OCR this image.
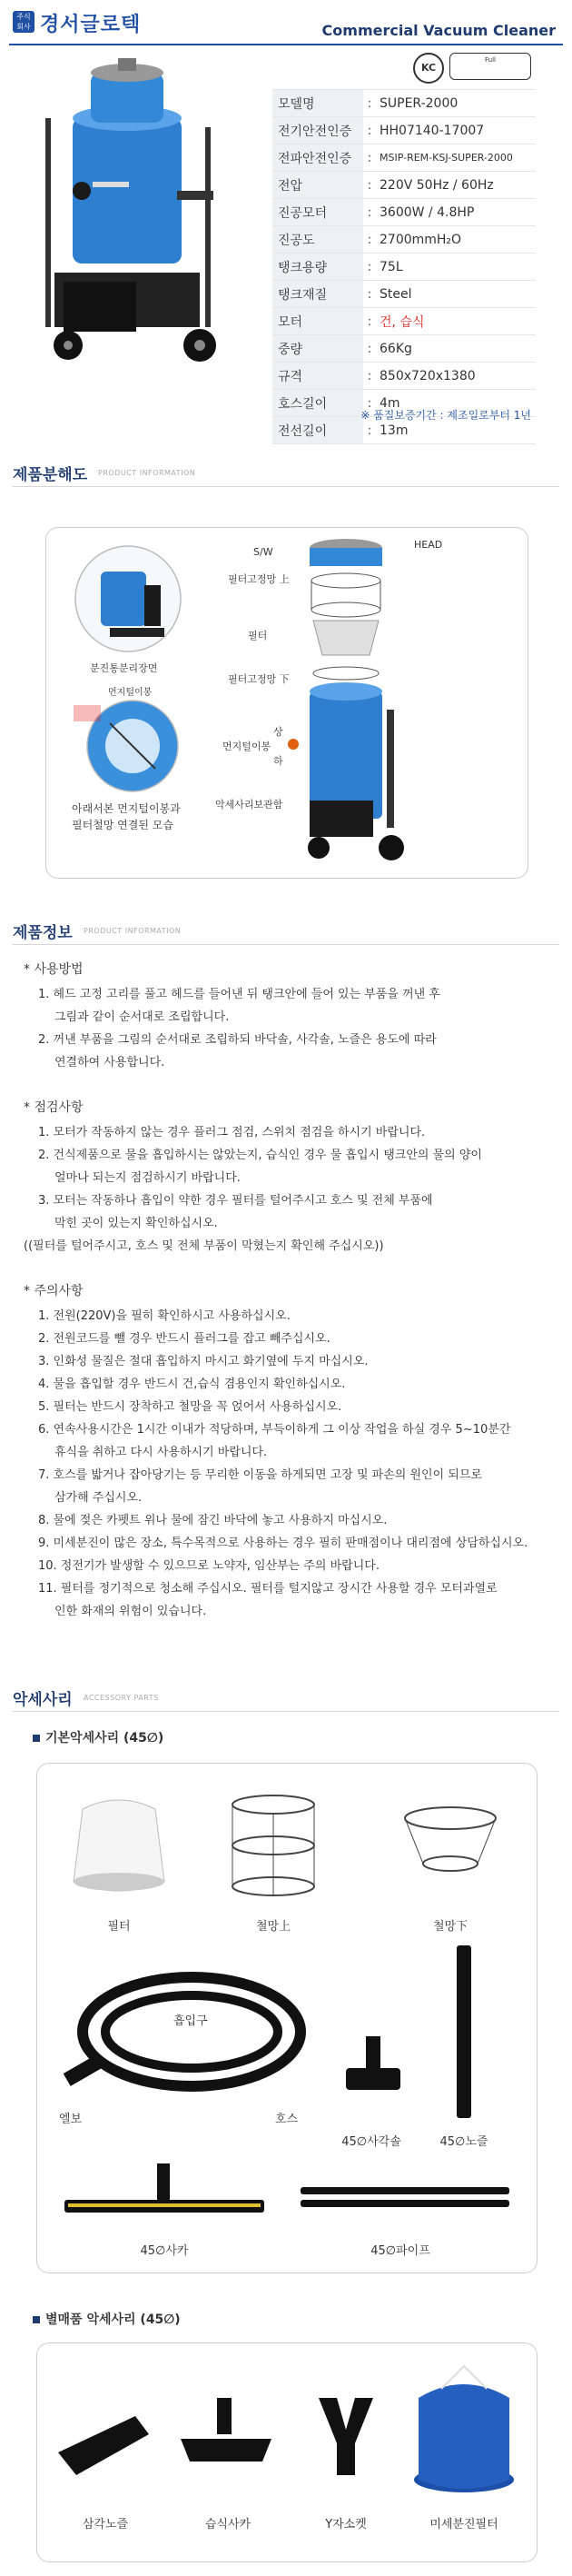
주식
회사 경서글로텍	Commercial Vacuum Cleaner
KC
Full
모델명	: SUPER-2000
전기안전인증	: HH07140-17007
전파안전인증	: MSIP-REM-KSJ-SUPER-2000
전압	: 220V 50Hz / 60Hz
진공모터	: 3600W / 4.8HP
진공도	: 2700mmH₂O
탱크용량	: 75L
탱크재질	: Steel
모터	: 건, 습식
중량	: 66Kg
규격	: 850x720x1380
호스길이	: 4m
전선길이	: 13m
※ 품질보증기간 : 제조일로부터 1년
제품분해도 PRODUCT INFORMATION
분진통분리장면
먼지털이봉
아래서본 먼지털이봉과
필터철망 연결된 모습
S/W
HEAD
필터고정망 上
필터
필터고정망 下
상
먼지털이봉
하
악세사리보관함
제품정보 PRODUCT INFORMATION
* 사용방법
1. 헤드 고정 고리를 풀고 헤드를 들어낸 뒤 탱크안에 들어 있는 부품을 꺼낸 후
그림과 같이 순서대로 조립합니다.
2. 꺼낸 부품을 그림의 순서대로 조립하되 바닥솔, 사각솔, 노즐은 용도에 따라
연결하여 사용합니다.
* 점검사항
1. 모터가 작동하지 않는 경우 플러그 점검, 스위치 점검을 하시기 바랍니다.
2. 건식제품으로 물을 흡입하시는 않았는지, 습식인 경우 물 흡입시 탱크안의 물의 양이
얼마나 되는지 점검하시기 바랍니다.
3. 모터는 작동하나 흡입이 약한 경우 필터를 털어주시고 호스 및 전체 부품에
막힌 곳이 있는지 확인하십시오.
((필터를 털어주시고, 호스 및 전체 부품이 막혔는지 확인해 주십시오))
* 주의사항
1. 전원(220V)을 필히 확인하시고 사용하십시오.
2. 전원코드를 뺄 경우 반드시 플러그를 잡고 빼주십시오.
3. 인화성 물질은 절대 흡입하지 마시고 화기옆에 두지 마십시오.
4. 물을 흡입할 경우 반드시 건,습식 겸용인지 확인하십시오.
5. 필터는 반드시 장착하고 철망을 꼭 얹어서 사용하십시오.
6. 연속사용시간은 1시간 이내가 적당하며, 부득이하게 그 이상 작업을 하실 경우 5~10분간
휴식을 취하고 다시 사용하시기 바랍니다.
7. 호스를 밟거나 잡아당기는 등 무리한 이동을 하게되면 고장 및 파손의 원인이 되므로
삼가해 주십시오.
8. 물에 젖은 카펫트 위나 물에 잠긴 바닥에 놓고 사용하지 마십시오.
9. 미세분진이 많은 장소, 특수목적으로 사용하는 경우 필히 판매점이나 대리점에 상담하십시오.
10. 정전기가 발생할 수 있으므로 노약자, 임산부는 주의 바랍니다.
11. 필터를 정기적으로 청소해 주십시오. 필터를 털지않고 장시간 사용할 경우 모터과열로
인한 화재의 위험이 있습니다.
악세사리 ACCESSORY PARTS
기본악세사리 (45∅)
필터	철망上	철망下
흡입구
엘보	호스
45∅사각솔	45∅노즐
45∅사카	45∅파이프
별매품 악세사리 (45∅)
삼각노즐	습식사카	Y자소켓	미세분진필터
